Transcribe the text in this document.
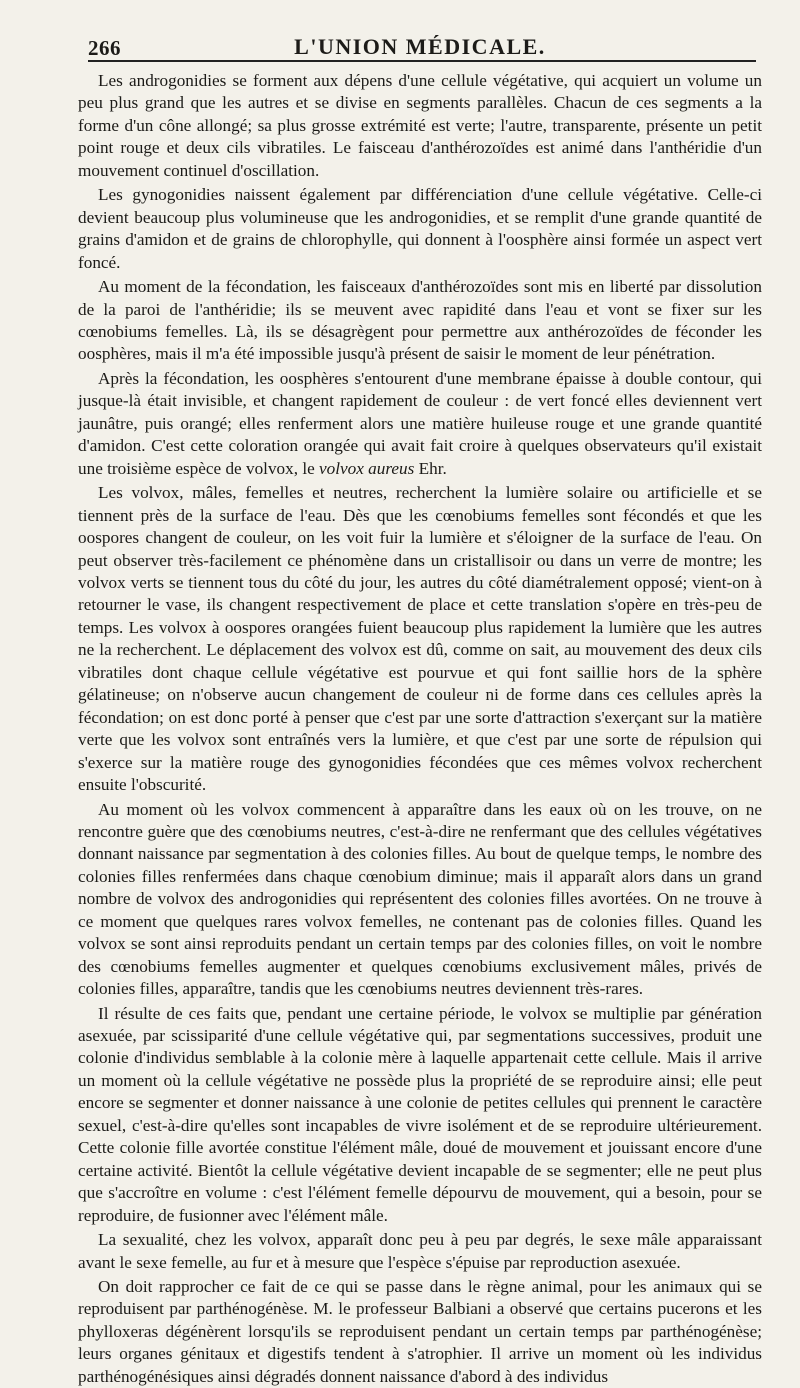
266	L'UNION MÉDICALE.

Les androgonidies se forment aux dépens d'une cellule végétative, qui acquiert un volume un peu plus grand que les autres et se divise en segments parallèles. Chacun de ces segments a la forme d'un cône allongé; sa plus grosse extrémité est verte; l'autre, transparente, présente un petit point rouge et deux cils vibratiles. Le faisceau d'anthérozoïdes est animé dans l'anthéridie d'un mouvement continuel d'oscillation.

Les gynogonidies naissent également par différenciation d'une cellule végétative. Celle-ci devient beaucoup plus volumineuse que les androgonidies, et se remplit d'une grande quantité de grains d'amidon et de grains de chlorophylle, qui donnent à l'oosphère ainsi formée un aspect vert foncé.

Au moment de la fécondation, les faisceaux d'anthérozoïdes sont mis en liberté par dissolution de la paroi de l'anthéridie; ils se meuvent avec rapidité dans l'eau et vont se fixer sur les cœnobiums femelles. Là, ils se désagrègent pour permettre aux anthérozoïdes de féconder les oosphères, mais il m'a été impossible jusqu'à présent de saisir le moment de leur pénétration.

Après la fécondation, les oosphères s'entourent d'une membrane épaisse à double contour, qui jusque-là était invisible, et changent rapidement de couleur : de vert foncé elles deviennent vert jaunâtre, puis orangé; elles renferment alors une matière huileuse rouge et une grande quantité d'amidon. C'est cette coloration orangée qui avait fait croire à quelques observateurs qu'il existait une troisième espèce de volvox, le volvox aureus Ehr.

Les volvox, mâles, femelles et neutres, recherchent la lumière solaire ou artificielle et se tiennent près de la surface de l'eau. Dès que les cœnobiums femelles sont fécondés et que les oospores changent de couleur, on les voit fuir la lumière et s'éloigner de la surface de l'eau. On peut observer très-facilement ce phénomène dans un cristallisoir ou dans un verre de montre; les volvox verts se tiennent tous du côté du jour, les autres du côté diamétralement opposé; vient-on à retourner le vase, ils changent respectivement de place et cette translation s'opère en très-peu de temps. Les volvox à oospores orangées fuient beaucoup plus rapidement la lumière que les autres ne la recherchent. Le déplacement des volvox est dû, comme on sait, au mouvement des deux cils vibratiles dont chaque cellule végétative est pourvue et qui font saillie hors de la sphère gélatineuse; on n'observe aucun changement de couleur ni de forme dans ces cellules après la fécondation; on est donc porté à penser que c'est par une sorte d'attraction s'exerçant sur la matière verte que les volvox sont entraînés vers la lumière, et que c'est par une sorte de répulsion qui s'exerce sur la matière rouge des gynogonidies fécondées que ces mêmes volvox recherchent ensuite l'obscurité.

Au moment où les volvox commencent à apparaître dans les eaux où on les trouve, on ne rencontre guère que des cœnobiums neutres, c'est-à-dire ne renfermant que des cellules végétatives donnant naissance par segmentation à des colonies filles. Au bout de quelque temps, le nombre des colonies filles renfermées dans chaque cœnobium diminue; mais il apparaît alors dans un grand nombre de volvox des androgonidies qui représentent des colonies filles avortées. On ne trouve à ce moment que quelques rares volvox femelles, ne contenant pas de colonies filles. Quand les volvox se sont ainsi reproduits pendant un certain temps par des colonies filles, on voit le nombre des cœnobiums femelles augmenter et quelques cœnobiums exclusivement mâles, privés de colonies filles, apparaître, tandis que les cœnobiums neutres deviennent très-rares.

Il résulte de ces faits que, pendant une certaine période, le volvox se multiplie par génération asexuée, par scissiparité d'une cellule végétative qui, par segmentations successives, produit une colonie d'individus semblable à la colonie mère à laquelle appartenait cette cellule. Mais il arrive un moment où la cellule végétative ne possède plus la propriété de se reproduire ainsi; elle peut encore se segmenter et donner naissance à une colonie de petites cellules qui prennent le caractère sexuel, c'est-à-dire qu'elles sont incapables de vivre isolément et de se reproduire ultérieurement. Cette colonie fille avortée constitue l'élément mâle, doué de mouvement et jouissant encore d'une certaine activité. Bientôt la cellule végétative devient incapable de se segmenter; elle ne peut plus que s'accroître en volume : c'est l'élément femelle dépourvu de mouvement, qui a besoin, pour se reproduire, de fusionner avec l'élément mâle.

La sexualité, chez les volvox, apparaît donc peu à peu par degrés, le sexe mâle apparaissant avant le sexe femelle, au fur et à mesure que l'espèce s'épuise par reproduction asexuée.

On doit rapprocher ce fait de ce qui se passe dans le règne animal, pour les animaux qui se reproduisent par parthénogénèse. M. le professeur Balbiani a observé que certains pucerons et les phylloxeras dégénèrent lorsqu'ils se reproduisent pendant un certain temps par parthénogénèse; leurs organes génitaux et digestifs tendent à s'atrophier. Il arrive un moment où les individus parthénogénésiques ainsi dégradés donnent naissance d'abord à des individus
